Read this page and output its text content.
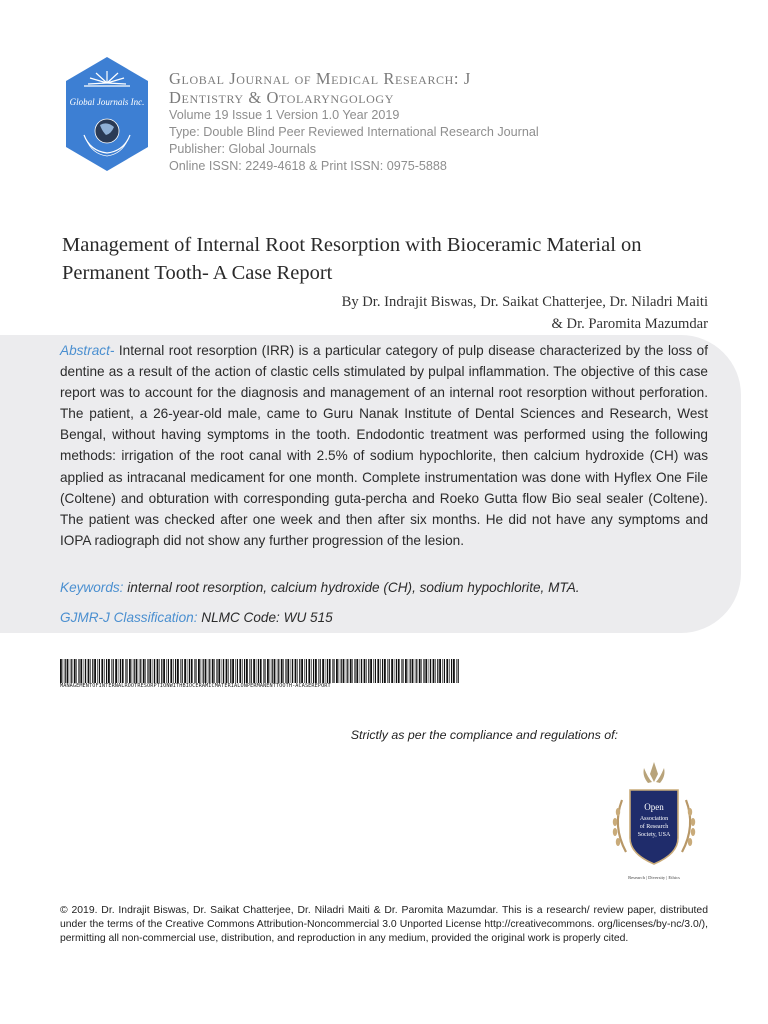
Global Journals Inc.
Global Journal of Medical Research: J
Dentistry & Otolaryngology
Volume 19 Issue 1 Version 1.0 Year 2019
Type: Double Blind Peer Reviewed International Research Journal
Publisher: Global Journals
Online ISSN: 2249-4618 & Print ISSN: 0975-5888
Management of Internal Root Resorption with Bioceramic Material on Permanent Tooth- A Case Report
By Dr. Indrajit Biswas, Dr. Saikat Chatterjee, Dr. Niladri Maiti
& Dr. Paromita Mazumdar
Abstract- Internal root resorption (IRR) is a particular category of pulp disease characterized by the loss of dentine as a result of the action of clastic cells stimulated by pulpal inflammation. The objective of this case report was to account for the diagnosis and management of an internal root resorption without perforation. The patient, a 26-year-old male, came to Guru Nanak Institute of Dental Sciences and Research, West Bengal, without having symptoms in the tooth. Endodontic treatment was performed using the following methods: irrigation of the root canal with 2.5% of sodium hypochlorite, then calcium hydroxide (CH) was applied as intracanal medicament for one month. Complete instrumentation was done with Hyflex One File (Coltene) and obturation with corresponding guta-percha and Roeko Gutta flow Bio seal sealer (Coltene). The patient was checked after one week and then after six months. He did not have any symptoms and IOPA radiograph did not show any further progression of the lesion.
Keywords: internal root resorption, calcium hydroxide (CH), sodium hypochlorite, MTA.
GJMR-J Classification: NLMC Code: WU 515
MANAGEMENTOFINTERNALROOTRESORPTIONWITHBIOCERAMICMATERIALONPERMANENTTOOTH-ACASEREPORT
Strictly as per the compliance and regulations of:
Open
Association
of Research
Society, USA
Research | Diversity | Ethics
© 2019. Dr. Indrajit Biswas, Dr. Saikat Chatterjee, Dr. Niladri Maiti & Dr. Paromita Mazumdar. This is a research/ review paper, distributed under the terms of the Creative Commons Attribution-Noncommercial 3.0 Unported License http://creativecommons. org/licenses/by-nc/3.0/), permitting all non-commercial use, distribution, and reproduction in any medium, provided the original work is properly cited.
